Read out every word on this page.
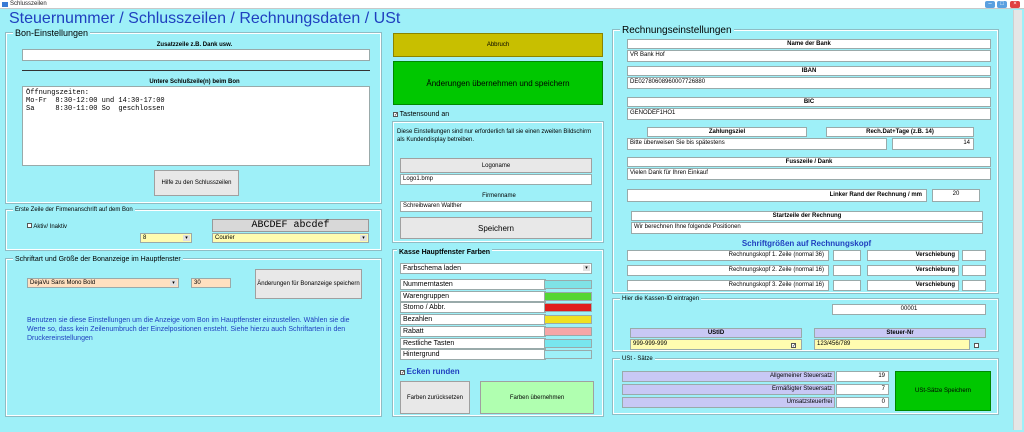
Schlusszeilen	–	□	×
Steuernummer / Schlusszeilen / Rechnungsdaten / USt
Bon-Einstellungen
Zusatzzeile z.B. Dank usw.
Untere Schlußzeile(n) beim Bon
Öffnungszeiten:
Mo-Fr  8:30-12:00 und 14:30-17:00
Sa     8:30-11:00 So  geschlossen
Hilfe zu den Schlusszeilen
Erste Zeile der Firmenanschrift auf dem Bon
Aktiv/ Inaktiv
8	▾
ABCDEF abcdef
Courier	▾
Schriftart und Größe der Bonanzeige im Hauptfenster
DejaVu Sans Mono Bold	▾	30	Änderungen für Bonanzeige speichern
Benutzen sie diese Einstellungen um die Anzeige vom Bon im Hauptfenster einzustellen. Wählen sie die Werte so, dass kein Zeilenumbruch der Einzelpositionen ensteht. Siehe hierzu auch Schriftarten in den Druckereinstellungen
Abbruch
Änderungen übernehmen und speichern
✓ Tastensound an
Diese Einstellungen sind nur erforderlich fall sie einen zweiten Bildschirm als Kundendisplay betreiben.
Logoname
Logo1.bmp
Firmenname
Schreibwaren Walther
Speichern
Kasse Hauptfenster Farben
Farbschema laden	▾
Nummerntasten
Warengruppen
Storno / Abbr.
Bezahlen
Rabatt
Restliche Tasten
Hintergrund
✓ Ecken runden
Farben zurücksetzen	Farben übernehmen
Rechnungseinstellungen
Name der Bank
VR Bank Hof
IBAN
DE02780608960007726880
BIC
GENODEF1HO1
Zahlungsziel	Rech.Dat+Tage (z.B. 14)
Bitte überweisen Sie bis spätestens	14
Fusszeile / Dank
Vielen Dank für Ihren Einkauf
Linker Rand der Rechnung / mm	20
Startzeile der Rechnung
Wir berechnen Ihne folgende Positionen
Schriftgrößen auf Rechnungskopf
Rechnungskopf 1. Zeile (normal 36)	Verschiebung
Rechnungskopf 2. Zeile (normal 16)	Verschiebung
Rechnungskopf 3. Zeile (normal 16)	Verschiebung
Hier die Kassen-ID eintragen
00001
UStID
999-999-999	✓
Steuer-Nr
123/456/789
USt - Sätze
Allgemeiner Steuersatz	19
Ermäßigter Steuersatz	7
Umsatzsteuerfrei	0
USt-Sätze Speichern
